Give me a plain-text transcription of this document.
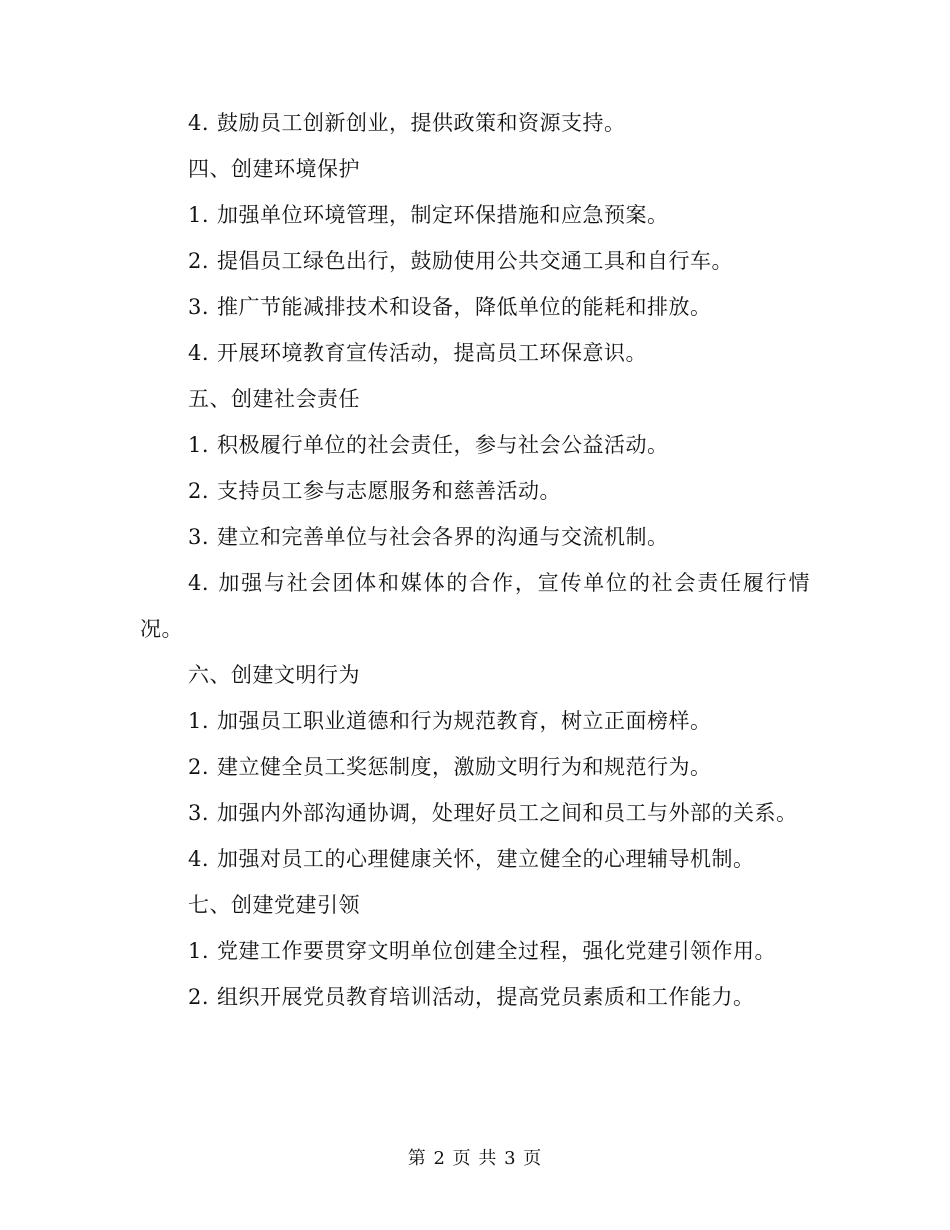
4. 鼓励员工创新创业，提供政策和资源支持。

四、创建环境保护

1. 加强单位环境管理，制定环保措施和应急预案。

2. 提倡员工绿色出行，鼓励使用公共交通工具和自行车。

3. 推广节能减排技术和设备，降低单位的能耗和排放。

4. 开展环境教育宣传活动，提高员工环保意识。

五、创建社会责任

1. 积极履行单位的社会责任，参与社会公益活动。

2. 支持员工参与志愿服务和慈善活动。

3. 建立和完善单位与社会各界的沟通与交流机制。

4. 加强与社会团体和媒体的合作，宣传单位的社会责任履行情况。

六、创建文明行为

1. 加强员工职业道德和行为规范教育，树立正面榜样。

2. 建立健全员工奖惩制度，激励文明行为和规范行为。

3. 加强内外部沟通协调，处理好员工之间和员工与外部的关系。

4. 加强对员工的心理健康关怀，建立健全的心理辅导机制。

七、创建党建引领

1. 党建工作要贯穿文明单位创建全过程，强化党建引领作用。

2. 组织开展党员教育培训活动，提高党员素质和工作能力。

第 2 页 共 3 页
